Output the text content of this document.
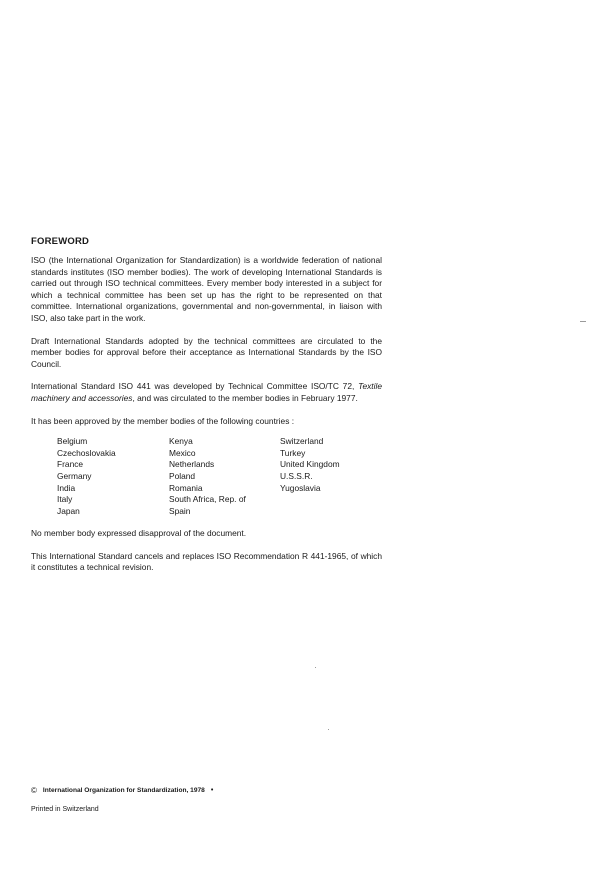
FOREWORD

ISO (the International Organization for Standardization) is a worldwide federation of national standards institutes (ISO member bodies). The work of developing International Standards is carried out through ISO technical committees. Every member body interested in a subject for which a technical committee has been set up has the right to be represented on that committee. International organizations, governmental and non-governmental, in liaison with ISO, also take part in the work.

Draft International Standards adopted by the technical committees are circulated to the member bodies for approval before their acceptance as International Standards by the ISO Council.

International Standard ISO 441 was developed by Technical Committee ISO/TC 72, Textile machinery and accessories, and was circulated to the member bodies in February 1977.

It has been approved by the member bodies of the following countries :

Belgium
Czechoslovakia
France
Germany
India
Italy
Japan
Kenya
Mexico
Netherlands
Poland
Romania
South Africa, Rep. of
Spain
Switzerland
Turkey
United Kingdom
U.S.S.R.
Yugoslavia

No member body expressed disapproval of the document.

This International Standard cancels and replaces ISO Recommendation R 441-1965, of which it constitutes a technical revision.

© International Organization for Standardization, 1978 •
Printed in Switzerland
